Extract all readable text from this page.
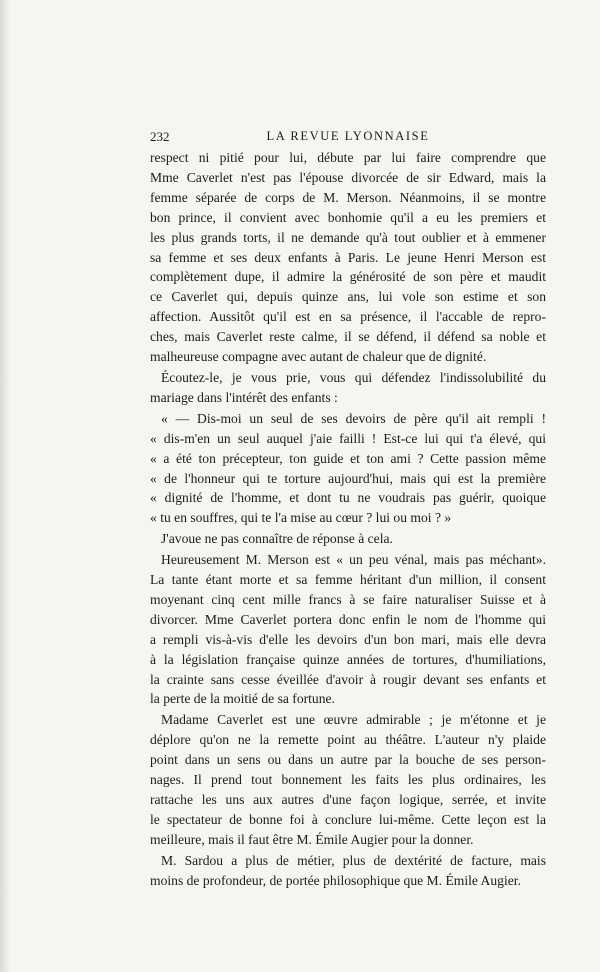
232	LA REVUE LYONNAISE
respect ni pitié pour lui, débute par lui faire comprendre que
Mme Caverlet n'est pas l'épouse divorcée de sir Edward, mais la
femme séparée de corps de M. Merson. Néanmoins, il se montre
bon prince, il convient avec bonhomie qu'il a eu les premiers et
les plus grands torts, il ne demande qu'à tout oublier et à emmener
sa femme et ses deux enfants à Paris. Le jeune Henri Merson est
complètement dupe, il admire la générosité de son père et maudit
ce Caverlet qui, depuis quinze ans, lui vole son estime et son
affection. Aussitôt qu'il est en sa présence, il l'accable de repro-
ches, mais Caverlet reste calme, il se défend, il défend sa noble et
malheureuse compagne avec autant de chaleur que de dignité.
Écoutez-le, je vous prie, vous qui défendez l'indissolubilité du
mariage dans l'intérêt des enfants :
« — Dis-moi un seul de ses devoirs de père qu'il ait rempli !
« dis-m'en un seul auquel j'aie failli ! Est-ce lui qui t'a élevé, qui
« a été ton précepteur, ton guide et ton ami ? Cette passion même
« de l'honneur qui te torture aujourd'hui, mais qui est la première
« dignité de l'homme, et dont tu ne voudrais pas guérir, quoique
« tu en souffres, qui te l'a mise au cœur ? lui ou moi ? »
J'avoue ne pas connaître de réponse à cela.
Heureusement M. Merson est « un peu vénal, mais pas méchant».
La tante étant morte et sa femme héritant d'un million, il consent
moyenant cinq cent mille francs à se faire naturaliser Suisse et à
divorcer. Mme Caverlet portera donc enfin le nom de l'homme qui
a rempli vis-à-vis d'elle les devoirs d'un bon mari, mais elle devra
à la législation française quinze années de tortures, d'humiliations,
la crainte sans cesse éveillée d'avoir à rougir devant ses enfants et
la perte de la moitié de sa fortune.
Madame Caverlet est une œuvre admirable ; je m'étonne et je
déplore qu'on ne la remette point au théâtre. L'auteur n'y plaide
point dans un sens ou dans un autre par la bouche de ses person-
nages. Il prend tout bonnement les faits les plus ordinaires, les
rattache les uns aux autres d'une façon logique, serrée, et invite
le spectateur de bonne foi à conclure lui-même. Cette leçon est la
meilleure, mais il faut être M. Émile Augier pour la donner.
M. Sardou a plus de métier, plus de dextérité de facture, mais
moins de profondeur, de portée philosophique que M. Émile Augier.
